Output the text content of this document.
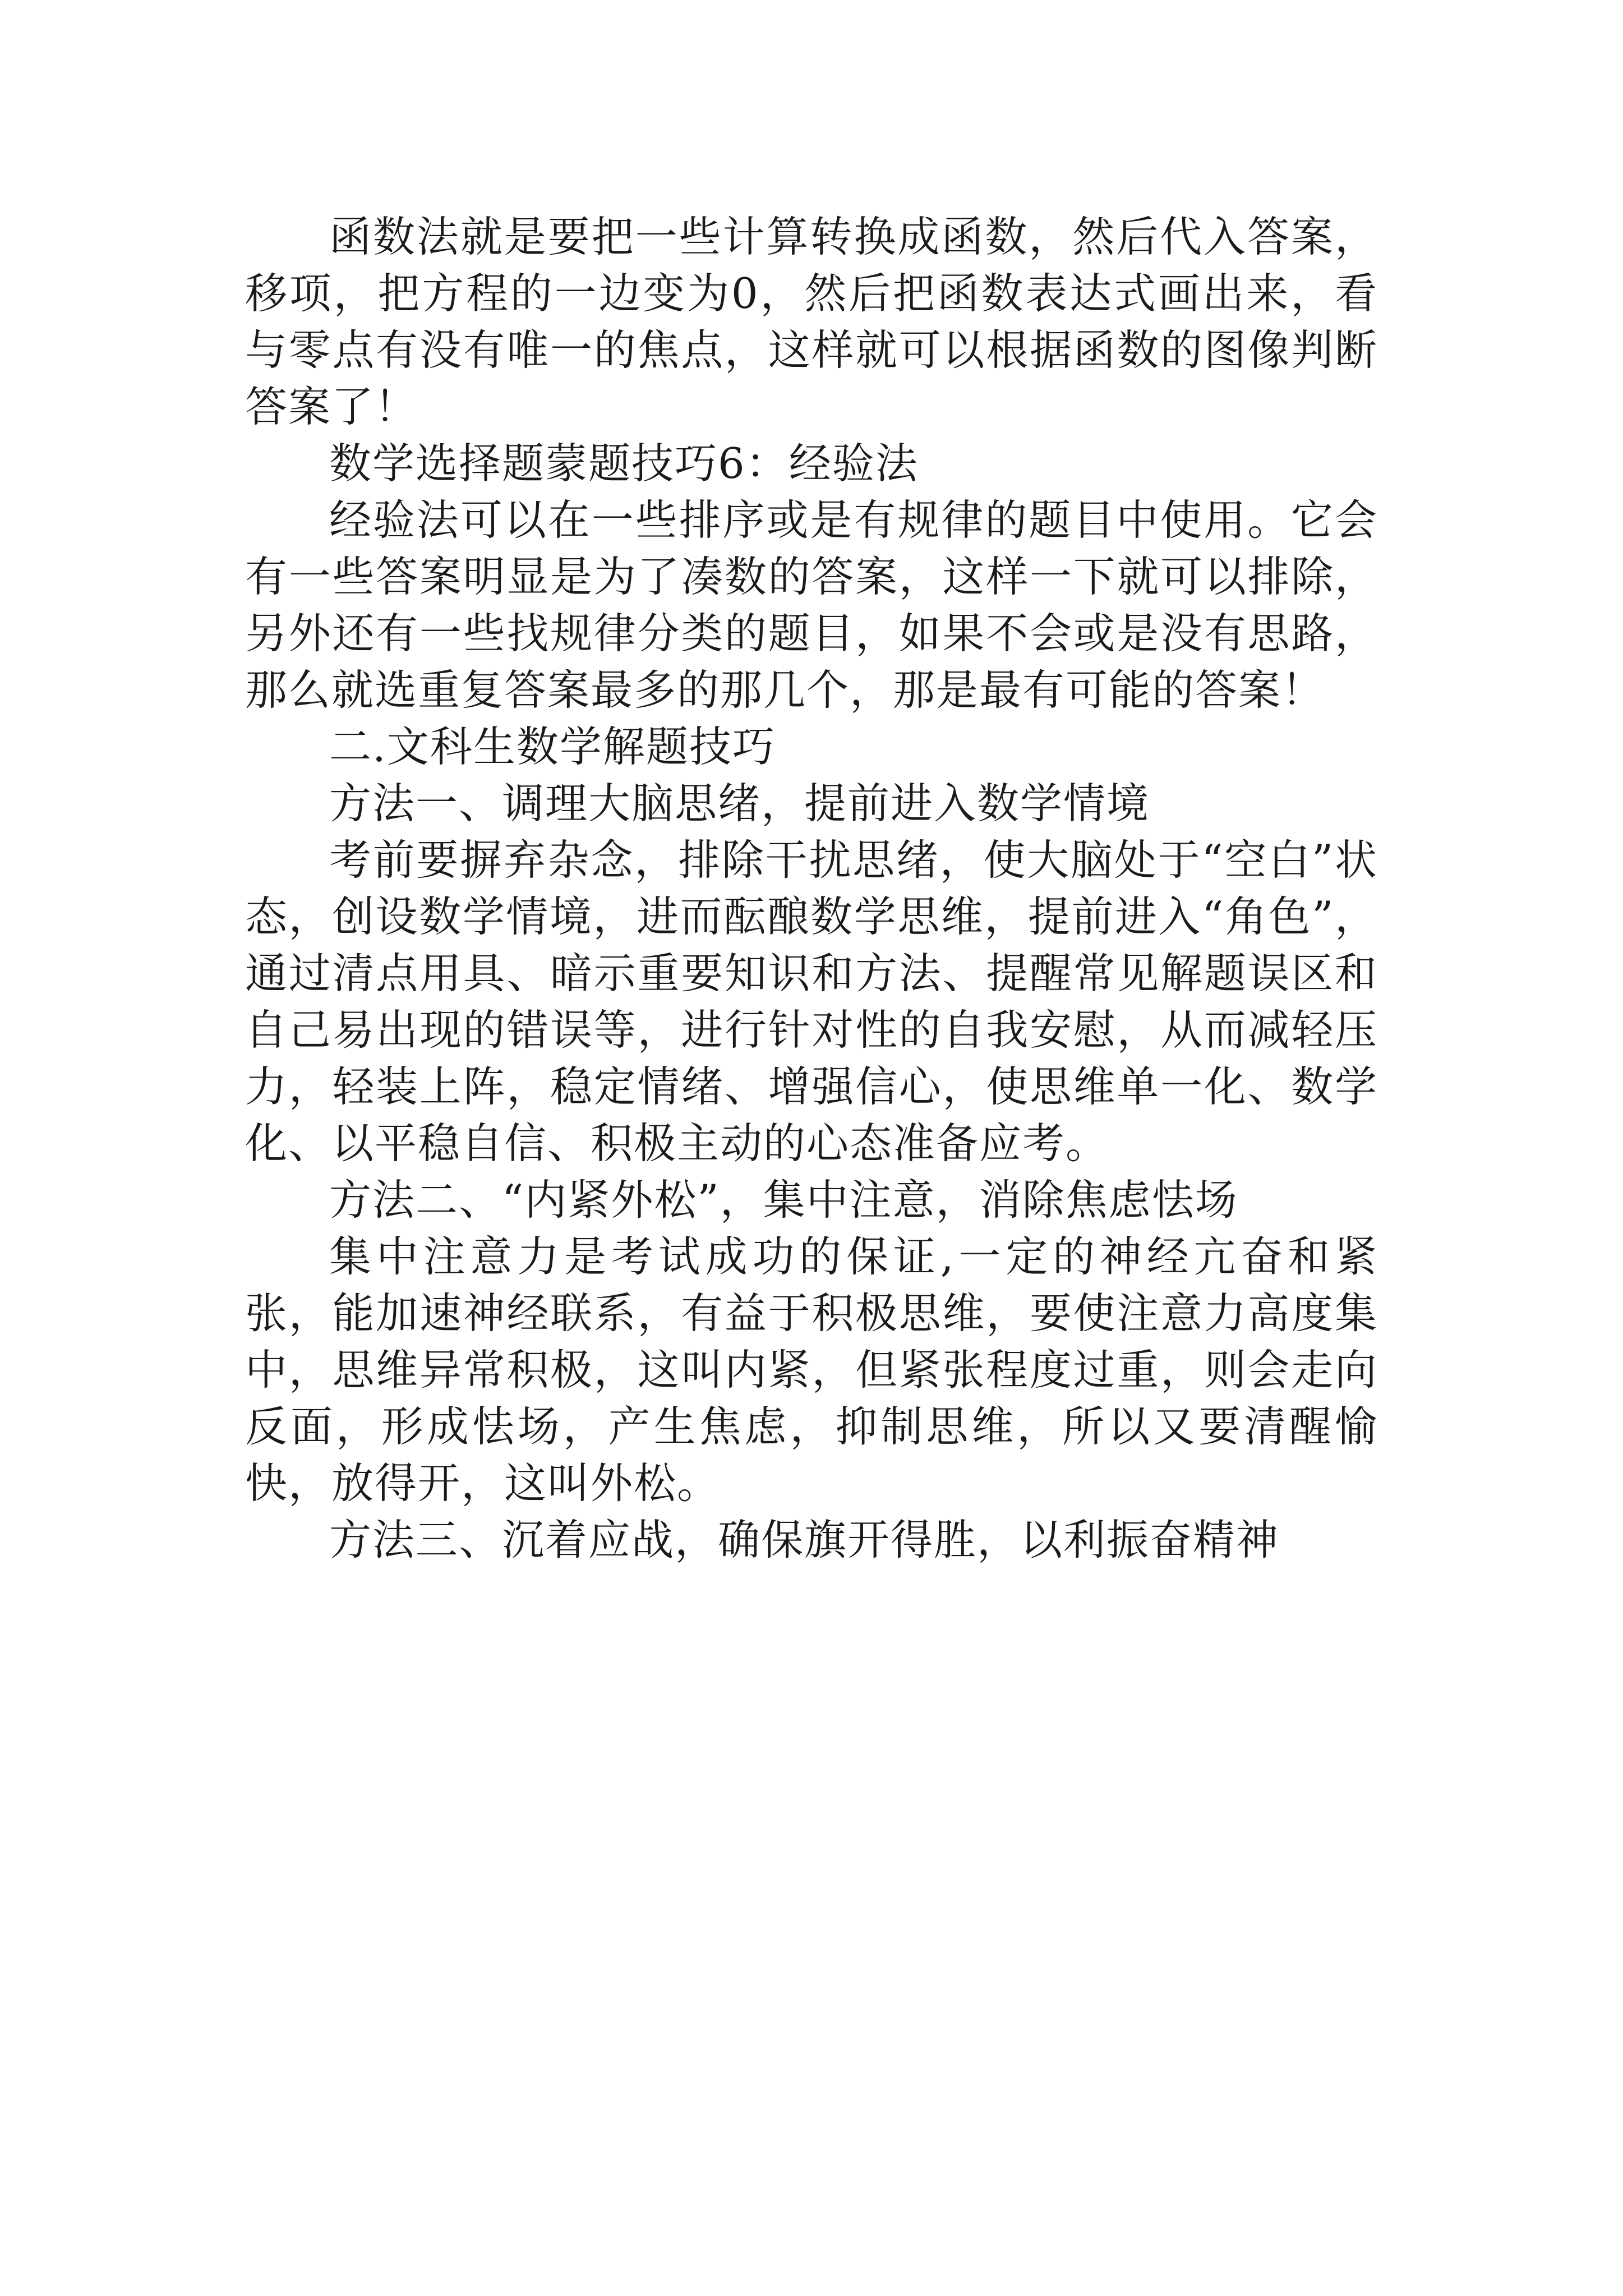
函数法就是要把一些计算转换成函数，然后代入答案，移项，把方程的一边变为0，然后把函数表达式画出来，看与零点有没有唯一的焦点，这样就可以根据函数的图像判断答案了！

数学选择题蒙题技巧6：经验法

经验法可以在一些排序或是有规律的题目中使用。它会有一些答案明显是为了凑数的答案，这样一下就可以排除，另外还有一些找规律分类的题目，如果不会或是没有思路，那么就选重复答案最多的那几个，那是最有可能的答案！

二.文科生数学解题技巧

方法一、调理大脑思绪，提前进入数学情境

考前要摒弃杂念，排除干扰思绪，使大脑处于“空白”状态，创设数学情境，进而酝酿数学思维，提前进入“角色”，通过清点用具、暗示重要知识和方法、提醒常见解题误区和自己易出现的错误等，进行针对性的自我安慰，从而减轻压力，轻装上阵，稳定情绪、增强信心，使思维单一化、数学化、以平稳自信、积极主动的心态准备应考。

方法二、“内紧外松”，集中注意，消除焦虑怯场

集中注意力是考试成功的保证,一定的神经亢奋和紧张，能加速神经联系，有益于积极思维，要使注意力高度集中，思维异常积极，这叫内紧，但紧张程度过重，则会走向反面，形成怯场，产生焦虑，抑制思维，所以又要清醒愉快，放得开，这叫外松。

方法三、沉着应战，确保旗开得胜，以利振奋精神
